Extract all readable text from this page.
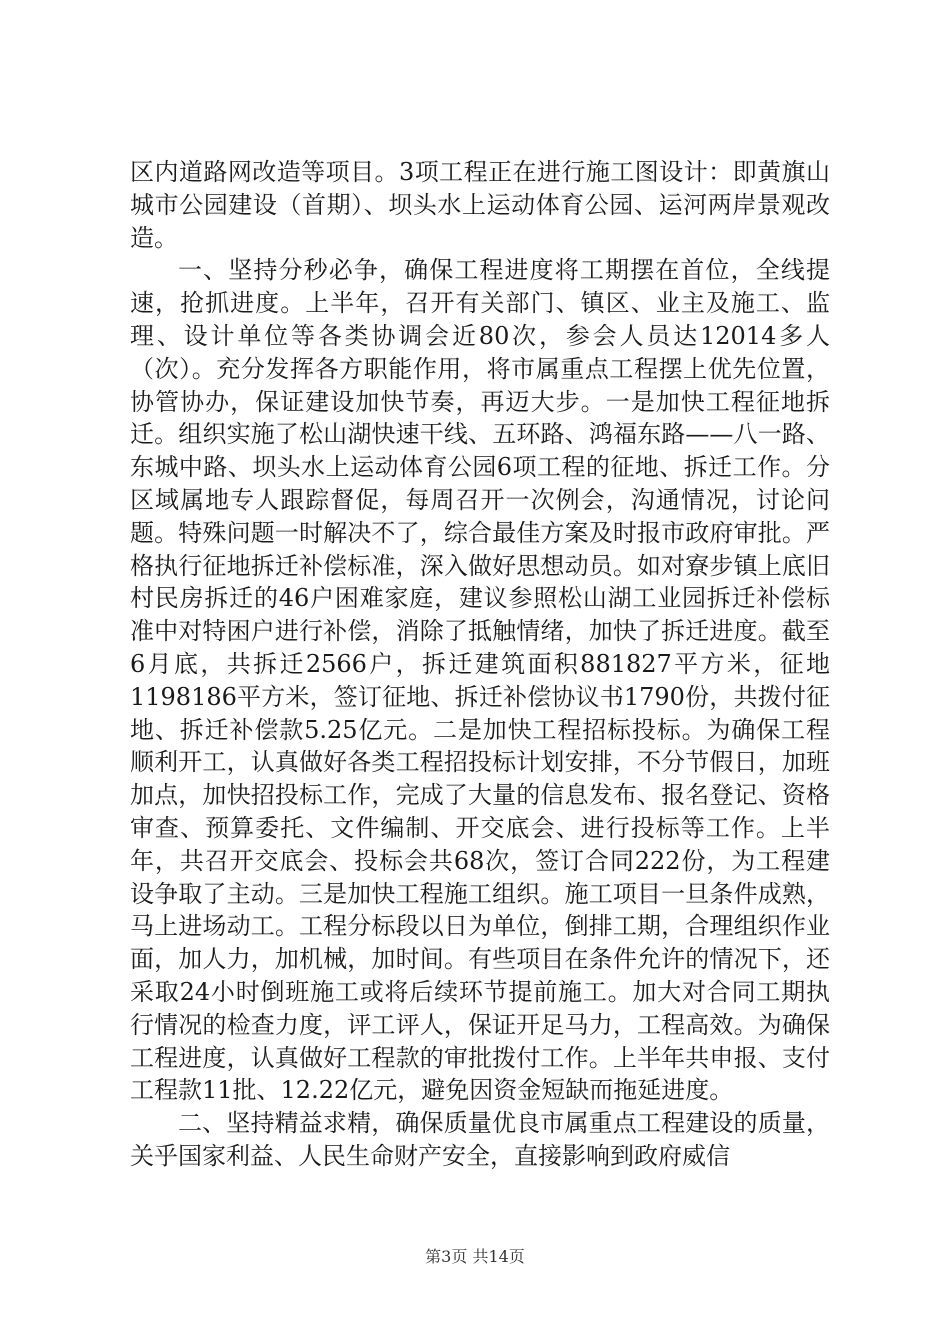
区内道路网改造等项目。3项工程正在进行施工图设计：即黄旗山城市公园建设（首期）、坝头水上运动体育公园、运河两岸景观改造。

一、坚持分秒必争，确保工程进度将工期摆在首位，全线提速，抢抓进度。上半年，召开有关部门、镇区、业主及施工、监理、设计单位等各类协调会近80次，参会人员达12014多人（次）。充分发挥各方职能作用，将市属重点工程摆上优先位置，协管协办，保证建设加快节奏，再迈大步。一是加快工程征地拆迁。组织实施了松山湖快速干线、五环路、鸿福东路——八一路、东城中路、坝头水上运动体育公园6项工程的征地、拆迁工作。分区域属地专人跟踪督促，每周召开一次例会，沟通情况，讨论问题。特殊问题一时解决不了，综合最佳方案及时报市政府审批。严格执行征地拆迁补偿标准，深入做好思想动员。如对寮步镇上底旧村民房拆迁的46户困难家庭，建议参照松山湖工业园拆迁补偿标准中对特困户进行补偿，消除了抵触情绪，加快了拆迁进度。截至6月底，共拆迁2566户，拆迁建筑面积881827平方米，征地1198186平方米，签订征地、拆迁补偿协议书1790份，共拨付征地、拆迁补偿款5.25亿元。二是加快工程招标投标。为确保工程顺利开工，认真做好各类工程招投标计划安排，不分节假日，加班加点，加快招投标工作，完成了大量的信息发布、报名登记、资格审查、预算委托、文件编制、开交底会、进行投标等工作。上半年，共召开交底会、投标会共68次，签订合同222份，为工程建设争取了主动。三是加快工程施工组织。施工项目一旦条件成熟，马上进场动工。工程分标段以日为单位，倒排工期，合理组织作业面，加人力，加机械，加时间。有些项目在条件允许的情况下，还采取24小时倒班施工或将后续环节提前施工。加大对合同工期执行情况的检查力度，评工评人，保证开足马力，工程高效。为确保工程进度，认真做好工程款的审批拨付工作。上半年共申报、支付工程款11批、12.22亿元，避免因资金短缺而拖延进度。

二、坚持精益求精，确保质量优良市属重点工程建设的质量，关乎国家利益、人民生命财产安全，直接影响到政府威信

第3页 共14页
